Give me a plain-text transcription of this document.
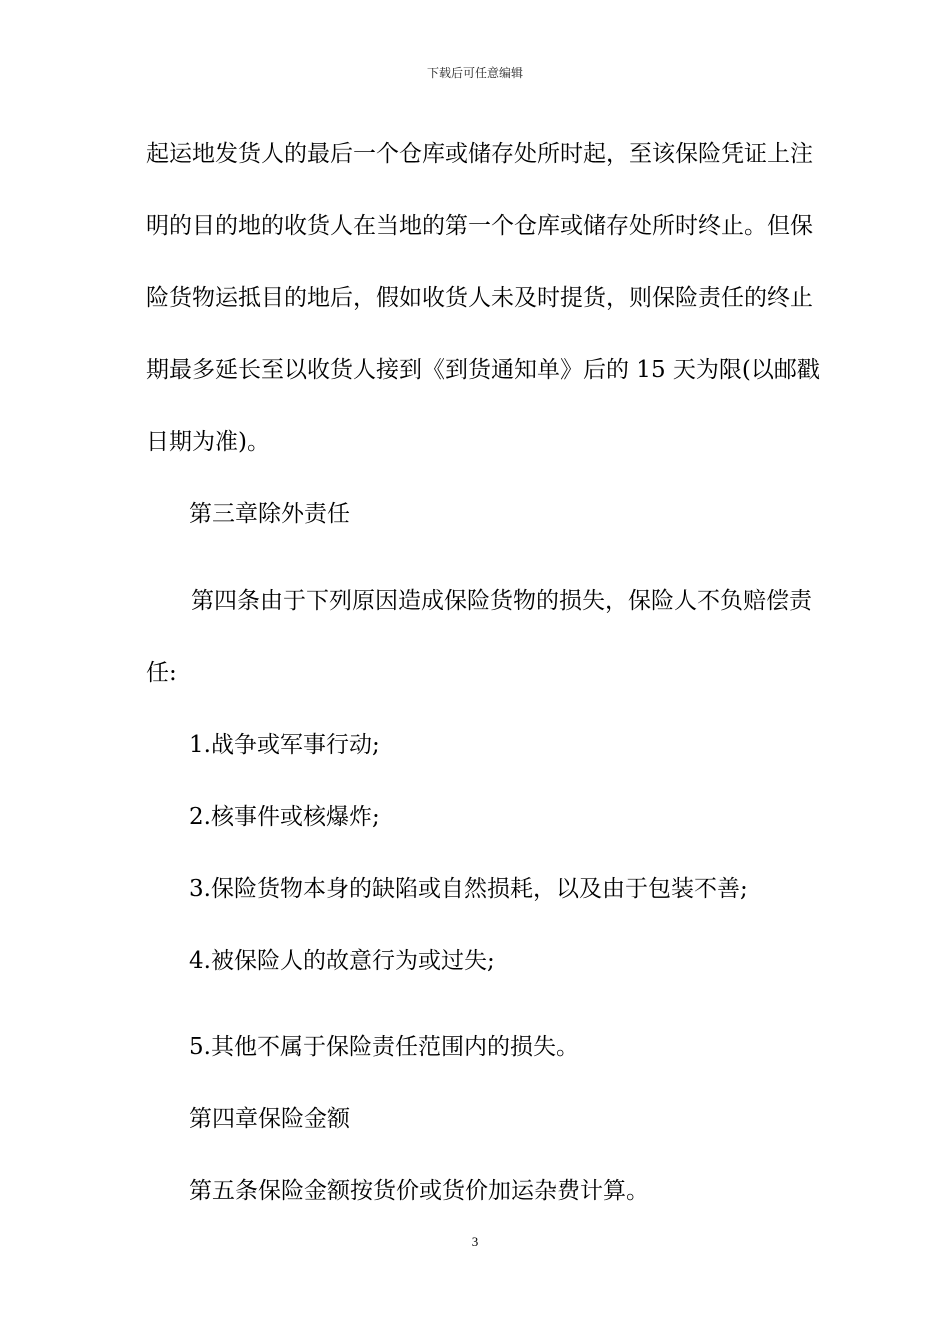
下载后可任意编辑
起运地发货人的最后一个仓库或储存处所时起，至该保险凭证上注
明的目的地的收货人在当地的第一个仓库或储存处所时终止。但保
险货物运抵目的地后，假如收货人未及时提货，则保险责任的终止
期最多延长至以收货人接到《到货通知单》后的 15 天为限(以邮戳
日期为准)。
第三章除外责任
第四条由于下列原因造成保险货物的损失，保险人不负赔偿责
任:
1.战争或军事行动;
2.核事件或核爆炸;
3.保险货物本身的缺陷或自然损耗，以及由于包装不善;
4.被保险人的故意行为或过失;
5.其他不属于保险责任范围内的损失。
第四章保险金额
第五条保险金额按货价或货价加运杂费计算。
3
